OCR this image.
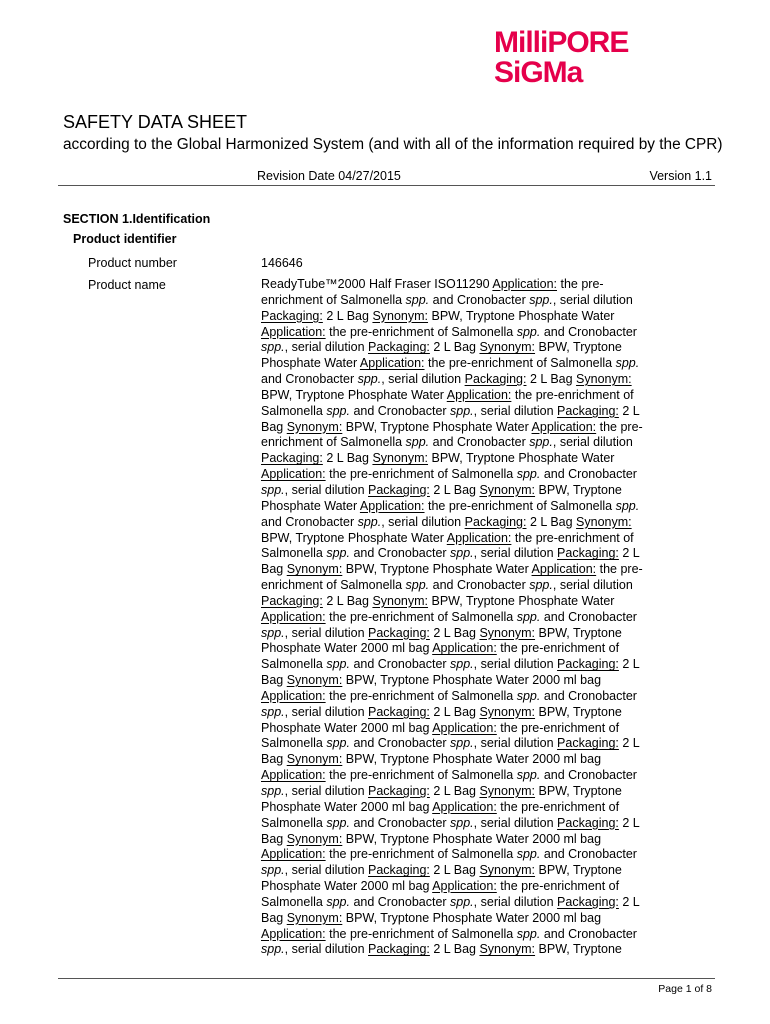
MilliPORE
SiGMa
SAFETY DATA SHEET
according to the Global Harmonized System (and with all of the information required by the CPR)
Revision Date 04/27/2015	Version 1.1
SECTION 1.Identification
Product identifier
Product number	146646
Product name	ReadyTube™2000 Half Fraser ISO11290 Application: the pre-
enrichment of Salmonella spp. and Cronobacter spp., serial dilution
Packaging: 2 L Bag Synonym: BPW, Tryptone Phosphate Water
Application: the pre-enrichment of Salmonella spp. and Cronobacter
spp., serial dilution Packaging: 2 L Bag Synonym: BPW, Tryptone
Phosphate Water Application: the pre-enrichment of Salmonella spp.
and Cronobacter spp., serial dilution Packaging: 2 L Bag Synonym:
BPW, Tryptone Phosphate Water Application: the pre-enrichment of
Salmonella spp. and Cronobacter spp., serial dilution Packaging: 2 L
Bag Synonym: BPW, Tryptone Phosphate Water Application: the pre-
enrichment of Salmonella spp. and Cronobacter spp., serial dilution
Packaging: 2 L Bag Synonym: BPW, Tryptone Phosphate Water
Application: the pre-enrichment of Salmonella spp. and Cronobacter
spp., serial dilution Packaging: 2 L Bag Synonym: BPW, Tryptone
Phosphate Water Application: the pre-enrichment of Salmonella spp.
and Cronobacter spp., serial dilution Packaging: 2 L Bag Synonym:
BPW, Tryptone Phosphate Water Application: the pre-enrichment of
Salmonella spp. and Cronobacter spp., serial dilution Packaging: 2 L
Bag Synonym: BPW, Tryptone Phosphate Water Application: the pre-
enrichment of Salmonella spp. and Cronobacter spp., serial dilution
Packaging: 2 L Bag Synonym: BPW, Tryptone Phosphate Water
Application: the pre-enrichment of Salmonella spp. and Cronobacter
spp., serial dilution Packaging: 2 L Bag Synonym: BPW, Tryptone
Phosphate Water 2000 ml bag Application: the pre-enrichment of
Salmonella spp. and Cronobacter spp., serial dilution Packaging: 2 L
Bag Synonym: BPW, Tryptone Phosphate Water 2000 ml bag
Application: the pre-enrichment of Salmonella spp. and Cronobacter
spp., serial dilution Packaging: 2 L Bag Synonym: BPW, Tryptone
Phosphate Water 2000 ml bag Application: the pre-enrichment of
Salmonella spp. and Cronobacter spp., serial dilution Packaging: 2 L
Bag Synonym: BPW, Tryptone Phosphate Water 2000 ml bag
Application: the pre-enrichment of Salmonella spp. and Cronobacter
spp., serial dilution Packaging: 2 L Bag Synonym: BPW, Tryptone
Phosphate Water 2000 ml bag Application: the pre-enrichment of
Salmonella spp. and Cronobacter spp., serial dilution Packaging: 2 L
Bag Synonym: BPW, Tryptone Phosphate Water 2000 ml bag
Application: the pre-enrichment of Salmonella spp. and Cronobacter
spp., serial dilution Packaging: 2 L Bag Synonym: BPW, Tryptone
Phosphate Water 2000 ml bag Application: the pre-enrichment of
Salmonella spp. and Cronobacter spp., serial dilution Packaging: 2 L
Bag Synonym: BPW, Tryptone Phosphate Water 2000 ml bag
Application: the pre-enrichment of Salmonella spp. and Cronobacter
spp., serial dilution Packaging: 2 L Bag Synonym: BPW, Tryptone
Page 1 of 8
